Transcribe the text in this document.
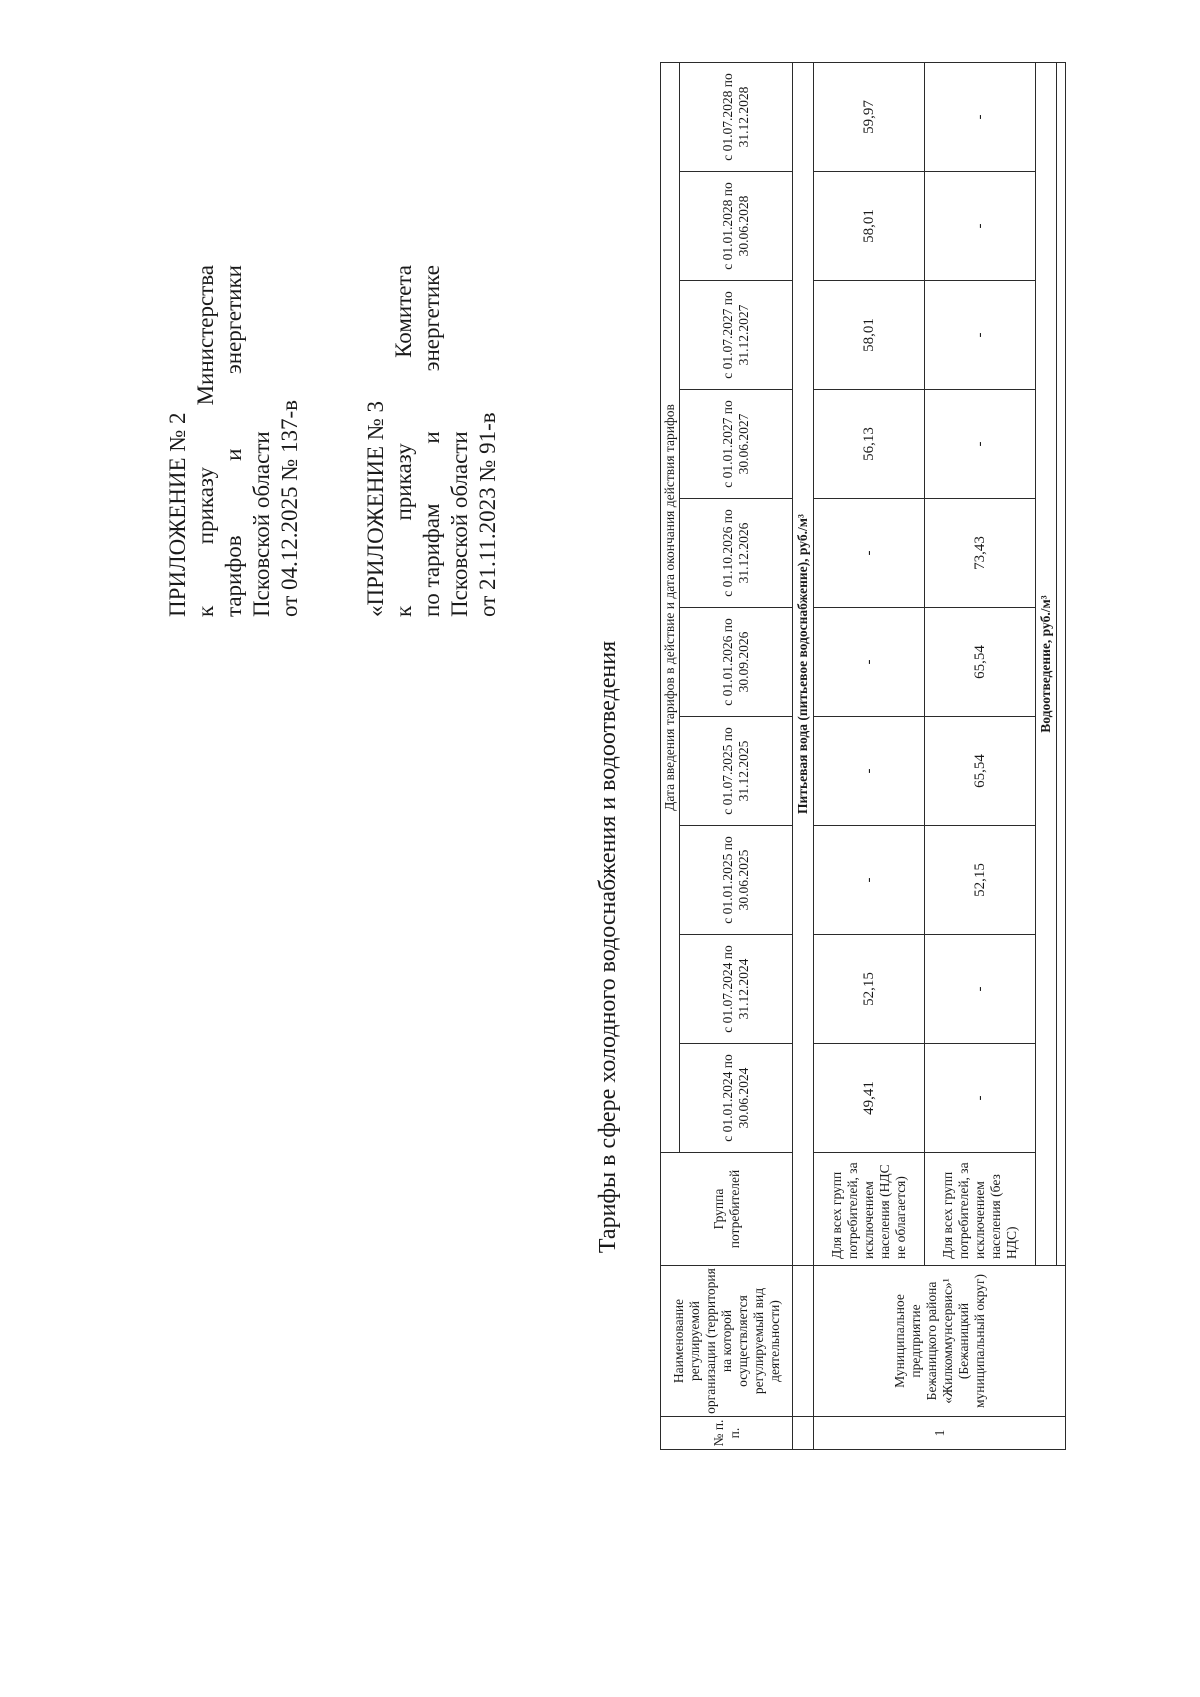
ПРИЛОЖЕНИЕ № 2 к
приказу
Министерства
тарифов
и
энергетики
Псковской области от 04.12.2025 № 137-в	«ПРИЛОЖЕНИЕ № 3 к
приказу
Комитета
по тарифам
и
энергетике
Псковской области от 21.11.2023 № 91-в
Тарифы в сфере холодного водоснабжения и водоотведения
№ п. п.	Наименование регулируемой организации (территория на которой осуществляется регулируемый вид деятельности)	Группа потребителей	Дата введения тарифов в действие и дата окончания действия тарифов									
			с 01.01.2024 по 30.06.2024	с 01.07.2024 по 31.12.2024	с 01.01.2025 по 30.06.2025	с 01.07.2025 по 31.12.2025	с 01.01.2026 по 30.09.2026	с 01.10.2026 по 31.12.2026	с 01.01.2027 по 30.06.2027	с 01.07.2027 по 31.12.2027	с 01.01.2028 по 30.06.2028	с 01.07.2028 по 31.12.2028
		Питьевая вода (питьевое водоснабжение), руб./м³										
1	Муниципальное предприятие Бежаницкого района «Жилкоммунсервис»¹ (Бежаницкий муниципальный округ)	Для всех групп потребителей, за исключением населения (НДС не облагается)	49,41	52,15	-	-	-	-	56,13	58,01	58,01	59,97
		Для всех групп потребителей, за исключением населения (без НДС)	-	-	52,15	65,54	65,54	73,43	-	-	-	-
		Водоотведение, руб./м³										
